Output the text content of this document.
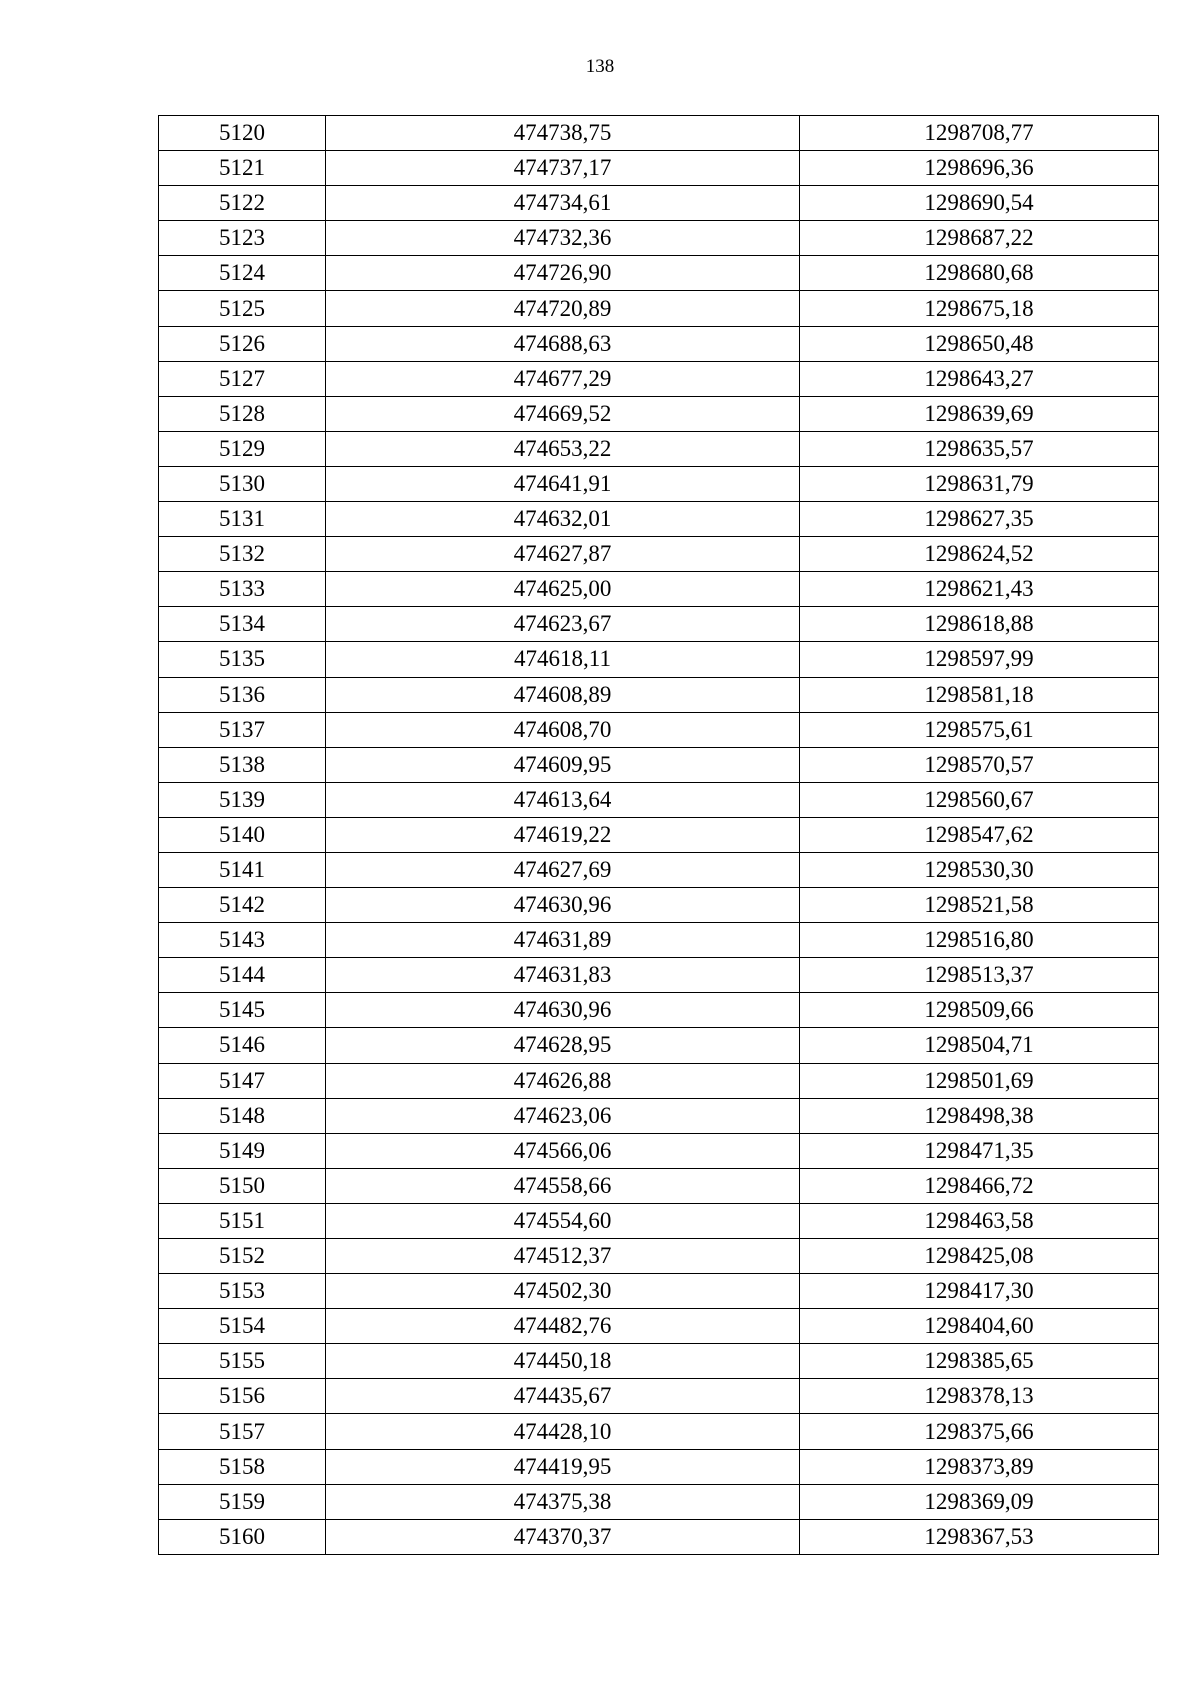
138
5120	474738,75	1298708,77
5121	474737,17	1298696,36
5122	474734,61	1298690,54
5123	474732,36	1298687,22
5124	474726,90	1298680,68
5125	474720,89	1298675,18
5126	474688,63	1298650,48
5127	474677,29	1298643,27
5128	474669,52	1298639,69
5129	474653,22	1298635,57
5130	474641,91	1298631,79
5131	474632,01	1298627,35
5132	474627,87	1298624,52
5133	474625,00	1298621,43
5134	474623,67	1298618,88
5135	474618,11	1298597,99
5136	474608,89	1298581,18
5137	474608,70	1298575,61
5138	474609,95	1298570,57
5139	474613,64	1298560,67
5140	474619,22	1298547,62
5141	474627,69	1298530,30
5142	474630,96	1298521,58
5143	474631,89	1298516,80
5144	474631,83	1298513,37
5145	474630,96	1298509,66
5146	474628,95	1298504,71
5147	474626,88	1298501,69
5148	474623,06	1298498,38
5149	474566,06	1298471,35
5150	474558,66	1298466,72
5151	474554,60	1298463,58
5152	474512,37	1298425,08
5153	474502,30	1298417,30
5154	474482,76	1298404,60
5155	474450,18	1298385,65
5156	474435,67	1298378,13
5157	474428,10	1298375,66
5158	474419,95	1298373,89
5159	474375,38	1298369,09
5160	474370,37	1298367,53
